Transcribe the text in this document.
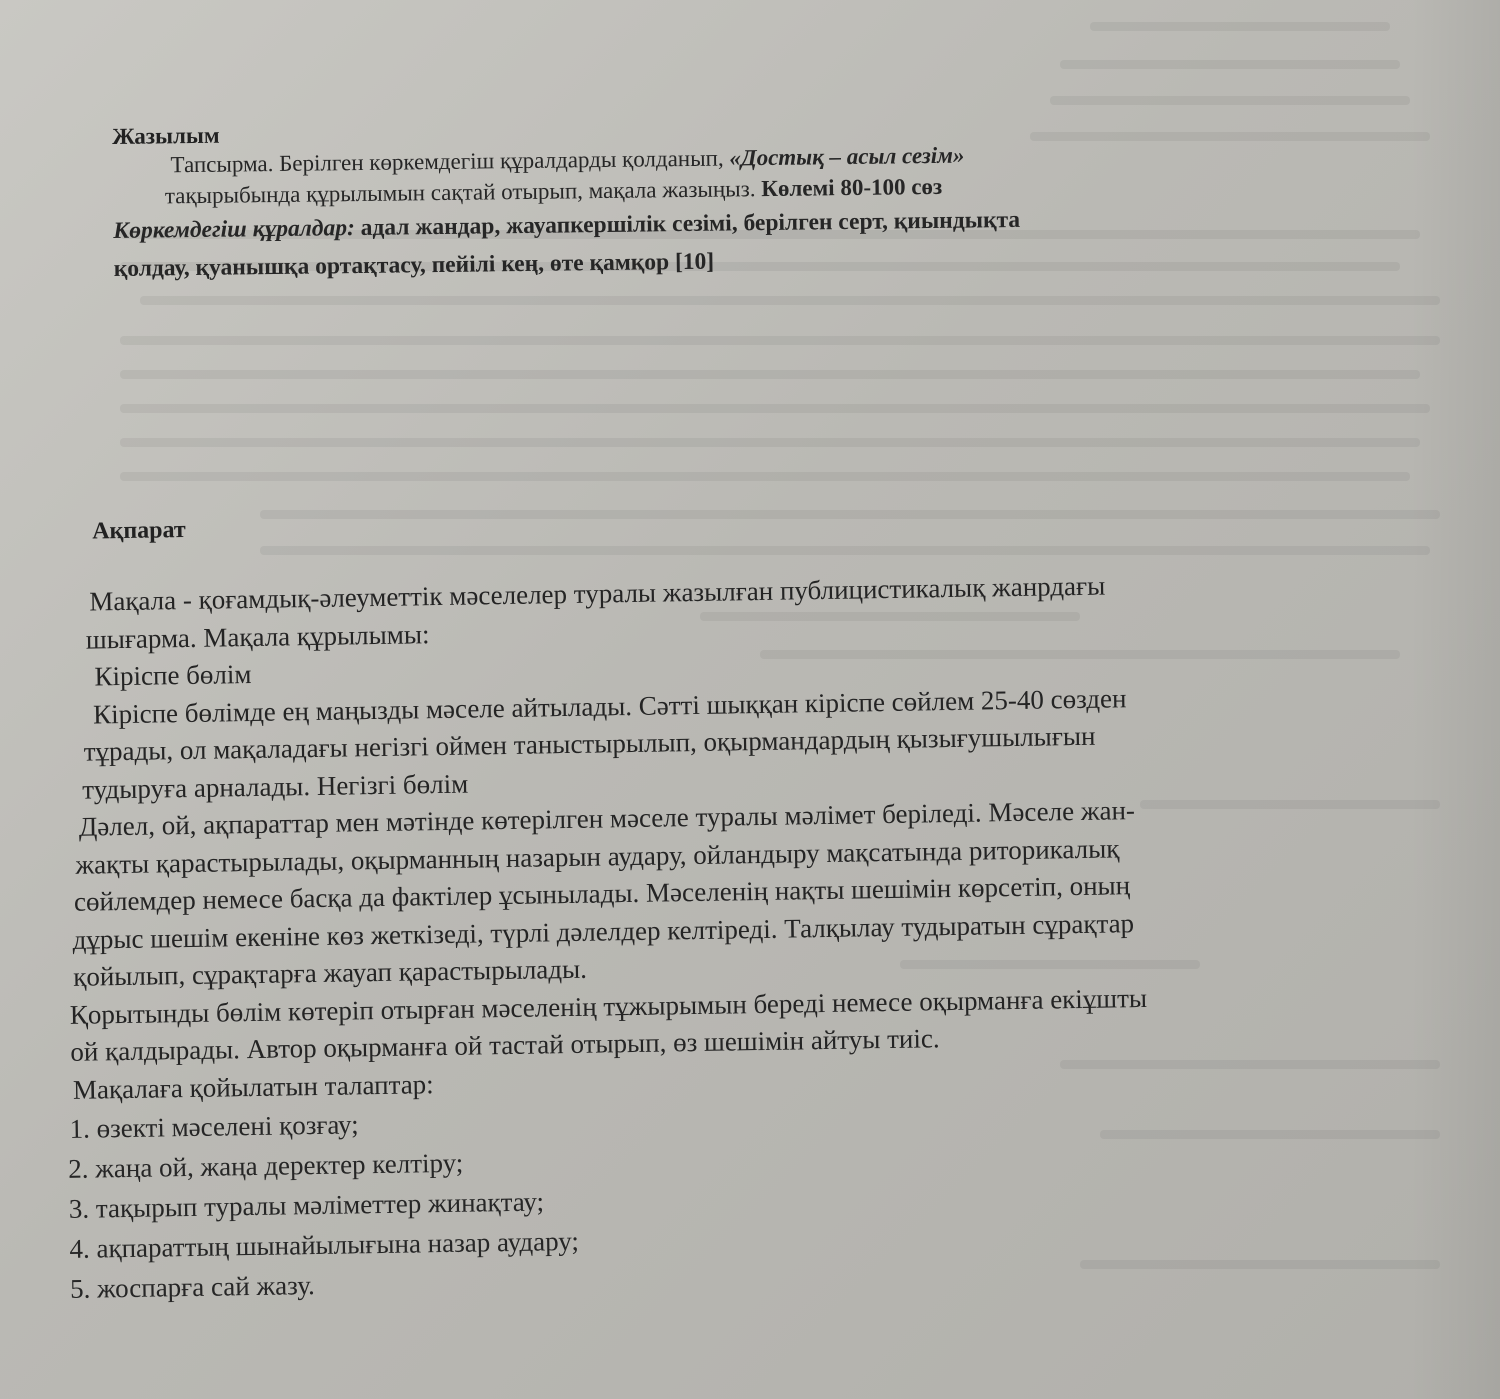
Жазылым

Тапсырма. Берілген көркемдегіш құралдарды қолданып, «Достық – асыл сезім»

тақырыбында құрылымын сақтай отырып, мақала жазыңыз. Көлемі 80-100 сөз

Көркемдегіш құралдар: адал жандар, жауапкершілік сезімі, берілген серт, қиындықта

қолдау, қуанышқа ортақтасу, пейілі кең, өте қамқор [10]

Ақпарат

Мақала - қоғамдық-әлеуметтік мәселелер туралы жазылған публицистикалық жанрдағы

шығарма. Мақала құрылымы:

Кіріспе бөлім

Кіріспе бөлімде ең маңызды мәселе айтылады. Сәтті шыққан кіріспе сөйлем 25-40 сөзден

тұрады, ол мақаладағы негізгі оймен таныстырылып, оқырмандардың қызығушылығын

тудыруға арналады. Негізгі бөлім

Дәлел, ой, ақпараттар мен мәтінде көтерілген мәселе туралы мәлімет беріледі. Мәселе жан-

жақты қарастырылады, оқырманның назарын аудару, ойландыру мақсатында риторикалық

сөйлемдер немесе басқа да фактілер ұсынылады. Мәселенің нақты шешімін көрсетіп, оның

дұрыс шешім екеніне көз жеткізеді, түрлі дәлелдер келтіреді. Талқылау тудыратын сұрақтар

қойылып, сұрақтарға жауап қарастырылады.

Қорытынды бөлім көтеріп отырған мәселенің тұжырымын береді немесе оқырманға екіұшты

ой қалдырады. Автор оқырманға ой тастай отырып, өз шешімін айтуы тиіс.

Мақалаға қойылатын талаптар:

1. өзекті мәселені қозғау;

2. жаңа ой, жаңа деректер келтіру;

3. тақырып туралы мәліметтер жинақтау;

4. ақпараттың шынайылығына назар аудару;

5. жоспарға сай жазу.
